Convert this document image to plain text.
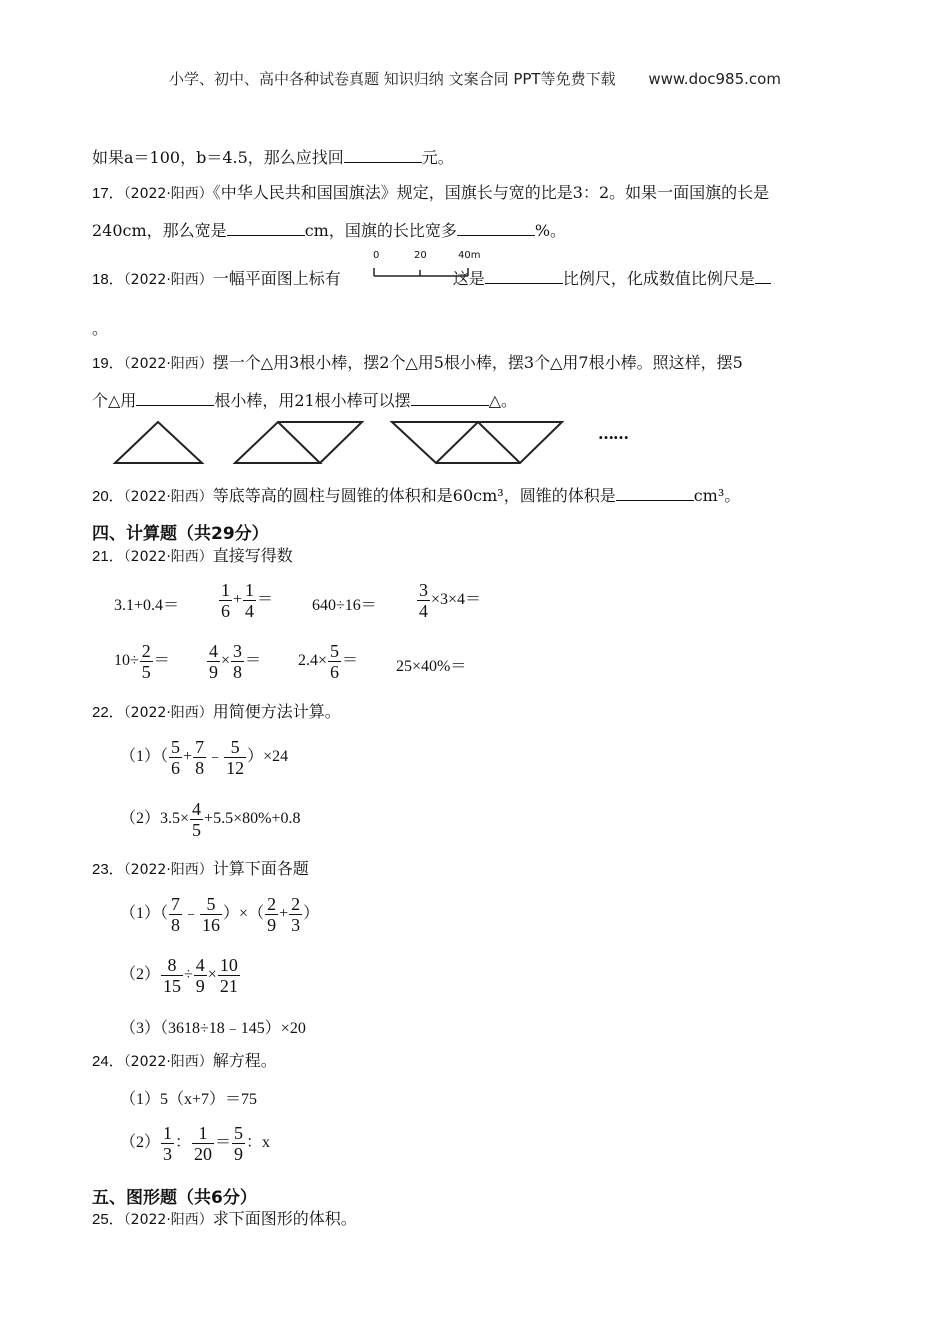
小学、初中、高中各种试卷真题 知识归纳 文案合同 PPT等免费下载 www.doc985.com
如果a＝100，b＝4.5，那么应找回	元。
17．（2022·阳西）《中华人民共和国国旗法》规定，国旗长与宽的比是3：2。如果一面国旗的长是
240cm，那么宽是	cm，国旗的长比宽多	%。
18．（2022·阳西）一幅平面图上标有	这是	比例尺，化成数值比例尺是
0	20	40m
。
19．（2022·阳西）摆一个△用3根小棒，摆2个△用5根小棒，摆3个△用7根小棒。照这样，摆5
个△用	根小棒，用21根小棒可以摆	△。
……
20．（2022·阳西）等底等高的圆柱与圆锥的体积和是60cm³，圆锥的体积是	cm³。
四、计算题（共29分）
21．（2022·阳西）直接写得数
$3.1+0.4= \frac{1}{6} + \frac{1}{4} = 640\div 16= \frac{3}{4} \times 3\times 4=$
$10\div \frac{2}{5} = \frac{4}{9} \times \frac{3}{8} = 2.4\times \frac{5}{6} = 25\times 40\%=$
22．（2022·阳西）用简便方法计算。
$(1)( \frac{5}{6} + \frac{7}{8}$ ﹣ $\frac{5}{12} )\times 24$
$(2)3.5\times \frac{4}{5} +5.5\times 80\%+0.8$
23．（2022·阳西）计算下面各题
$(1)( \frac{7}{8}$ ﹣ $\frac{5}{16}$ ）×（ $\frac{2}{9} + \frac{2}{3}$ ）
$(2) \frac{8}{15} \div \frac{4}{9} \times \frac{10}{21}$
（3）（3618÷18﹣145）×20
24．（2022·阳西）解方程。
（1）5（x+7）＝75
$(2) \frac{1}{3}$ ： $\frac{1}{20} = \frac{5}{9}$ ：x
五、图形题（共6分）
25．（2022·阳西）求下面图形的体积。
